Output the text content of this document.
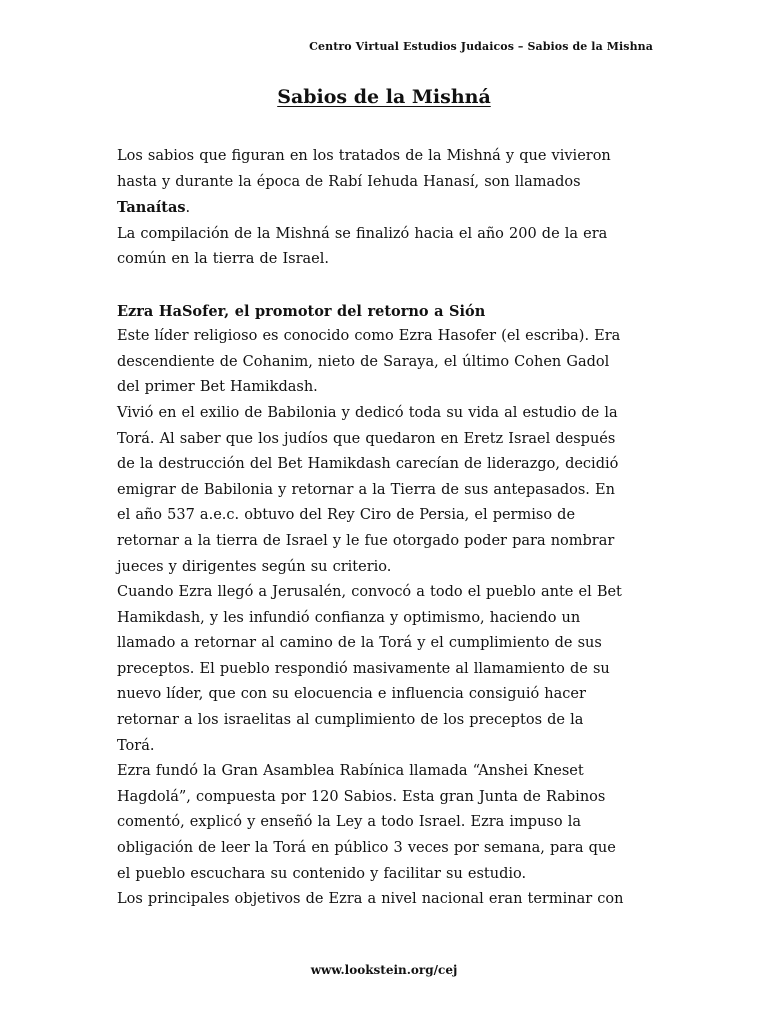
Centro Virtual Estudios Judaicos – Sabios de la Mishna
Sabios de la Mishná
Los sabios que figuran en los tratados de la Mishná y que vivieron
hasta y durante la época de Rabí Iehuda Hanasí, son llamados
Tanaítas.
La compilación de la Mishná se finalizó hacia el año 200 de la era
común en la tierra de Israel.
Ezra HaSofer, el promotor del retorno a Sión
Este líder religioso es conocido como Ezra Hasofer (el escriba). Era
descendiente de Cohanim, nieto de Saraya, el último Cohen Gadol
del primer Bet Hamikdash.
Vivió en el exilio de Babilonia y dedicó toda su vida al estudio de la
Torá. Al saber que los judíos que quedaron en Eretz Israel después
de la destrucción del Bet Hamikdash carecían de liderazgo, decidió
emigrar de Babilonia y retornar a la Tierra de sus antepasados. En
el año 537 a.e.c. obtuvo del Rey Ciro de Persia, el permiso de
retornar a la tierra de Israel y le fue otorgado poder para nombrar
jueces y dirigentes según su criterio.
Cuando Ezra llegó a Jerusalén, convocó a todo el pueblo ante el Bet
Hamikdash, y les infundió confianza y optimismo, haciendo un
llamado a retornar al camino de la Torá y el cumplimiento de sus
preceptos. El pueblo respondió masivamente al llamamiento de su
nuevo líder, que con su elocuencia e influencia consiguió hacer
retornar a los israelitas al cumplimiento de los preceptos de la
Torá.
Ezra fundó la Gran Asamblea Rabínica llamada “Anshei Kneset
Hagdolá”, compuesta por 120 Sabios. Esta gran Junta de Rabinos
comentó, explicó y enseñó la Ley a todo Israel. Ezra impuso la
obligación de leer la Torá en público 3 veces por semana, para que
el pueblo escuchara su contenido y facilitar su estudio.
Los principales objetivos de Ezra a nivel nacional eran terminar con
www.lookstein.org/cej
